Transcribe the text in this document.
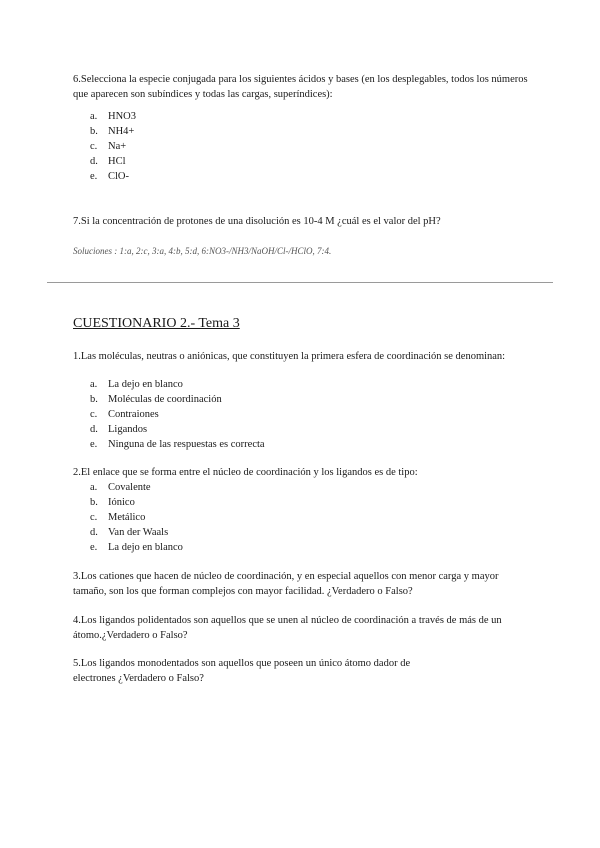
6.Selecciona la especie conjugada para los siguientes ácidos y bases (en los desplegables, todos los números que aparecen son subíndices y todas las cargas, superíndices):

a.	HNO3
b. NH4+
c.	Na+
d. HCl
e.	ClO-

7.Si la concentración de protones de una disolución es 10-4 M ¿cuál es el valor del pH?

Soluciones : 1:a, 2:c, 3:a, 4:b, 5:d, 6:NO3-/NH3/NaOH/Cl-/HClO, 7:4.
CUESTIONARIO 2.- Tema 3

1.Las moléculas, neutras o aniónicas, que constituyen la primera esfera de coordinación se denominan:

a.	La dejo en blanco
b. Moléculas de coordinación
c.	Contraiones
d. Ligandos
e.	Ninguna de las respuestas es correcta

2.El enlace que se forma entre el núcleo de coordinación y los ligandos es de tipo:

a.	Covalente
b. Iónico
c.	Metálico
d. Van der Waals
e.	La dejo en blanco

3.Los cationes que hacen de núcleo de coordinación, y en especial aquellos con menor carga y mayor tamaño, son los que forman complejos con mayor facilidad. ¿Verdadero o Falso?

4.Los ligandos polidentados son aquellos que se unen al núcleo de coordinación a través de más de un átomo.¿Verdadero o Falso?

5.Los ligandos monodentados son aquellos que poseen un único átomo dador de
electrones ¿Verdadero o Falso?
